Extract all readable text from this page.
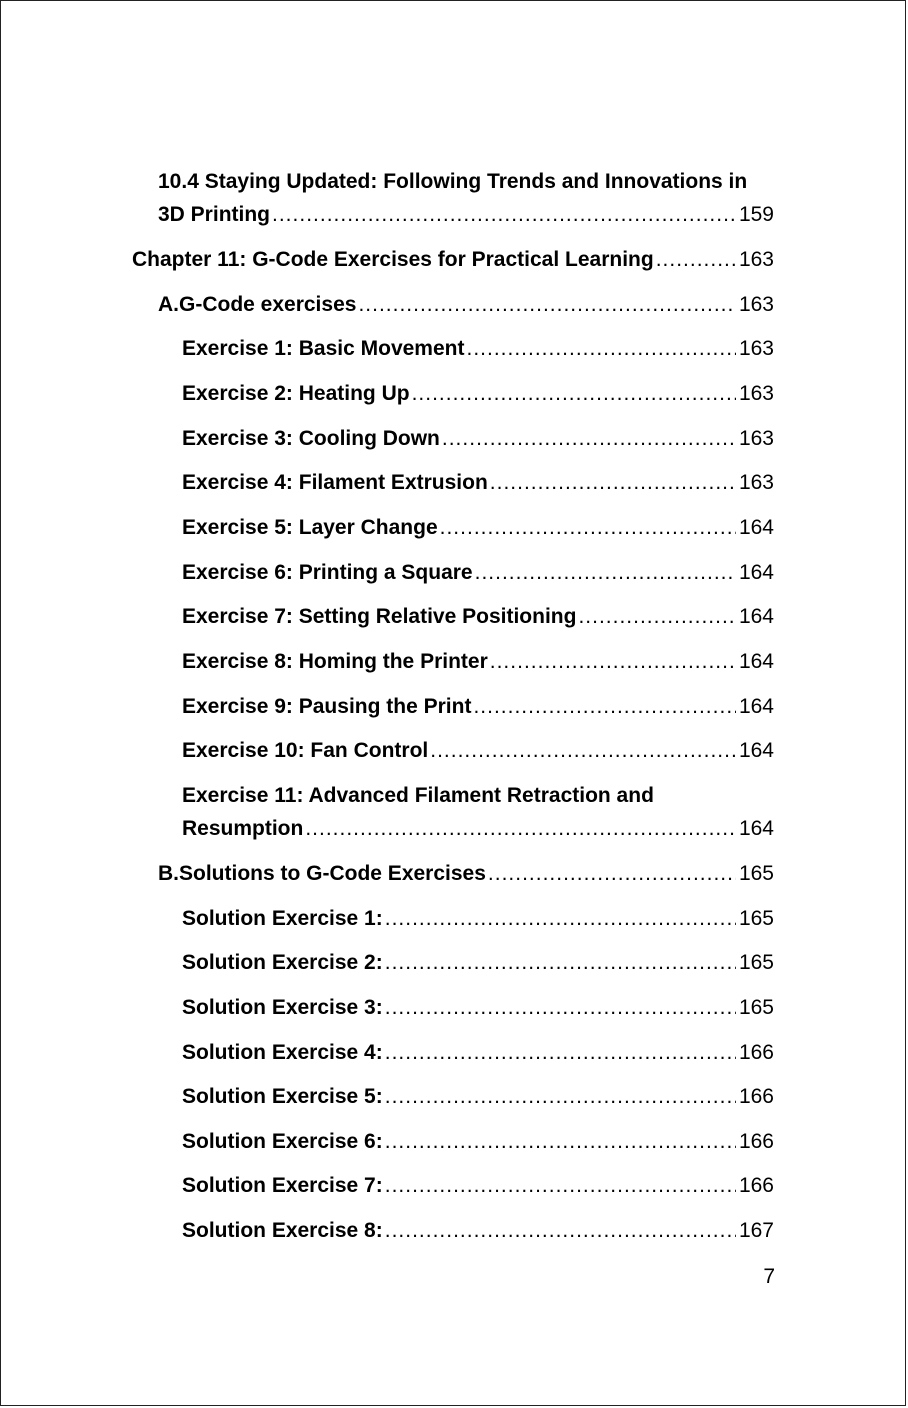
10.4 Staying Updated: Following Trends and Innovations in
3D Printing .....	159
Chapter 11: G-Code Exercises for Practical Learning .....	163
A. G-Code exercises .....	163
Exercise 1: Basic Movement .....	163
Exercise 2: Heating Up .....	163
Exercise 3: Cooling Down .....	163
Exercise 4: Filament Extrusion .....	163
Exercise 5: Layer Change .....	164
Exercise 6: Printing a Square .....	164
Exercise 7: Setting Relative Positioning .....	164
Exercise 8: Homing the Printer .....	164
Exercise 9: Pausing the Print .....	164
Exercise 10: Fan Control .....	164
Exercise 11: Advanced Filament Retraction and
Resumption .....	164
B. Solutions to G-Code Exercises .....	165
Solution Exercise 1: .....	165
Solution Exercise 2: .....	165
Solution Exercise 3: .....	165
Solution Exercise 4: .....	166
Solution Exercise 5: .....	166
Solution Exercise 6: .....	166
Solution Exercise 7: .....	166
Solution Exercise 8: .....	167
7
